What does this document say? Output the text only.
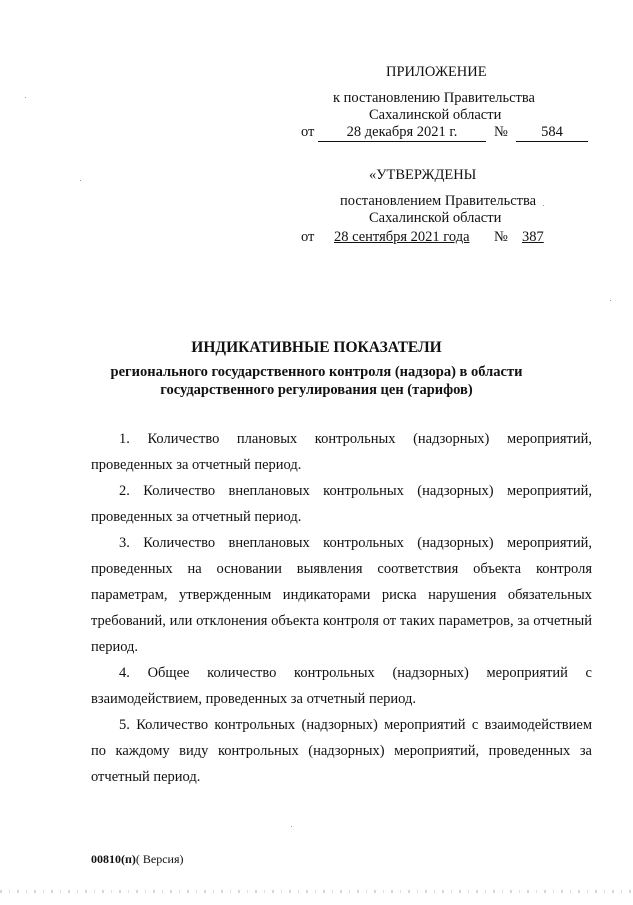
ПРИЛОЖЕНИЕ
к постановлению Правительства
Сахалинской области
от	28 декабря 2021 г.	№	584
«УТВЕРЖДЕНЫ
постановлением Правительства
Сахалинской области
от 28 сентября 2021 года № 387
ИНДИКАТИВНЫЕ ПОКАЗАТЕЛИ
регионального государственного контроля (надзора) в области
государственного регулирования цен (тарифов)

1. Количество плановых контрольных (надзорных) мероприятий, проведенных за отчетный период.

2. Количество внеплановых контрольных (надзорных) мероприятий, проведенных за отчетный период.

3. Количество внеплановых контрольных (надзорных) мероприятий, проведенных на основании выявления соответствия объекта контроля параметрам, утвержденным индикаторами риска нарушения обязательных требований, или отклонения объекта контроля от таких параметров, за отчетный период.

4. Общее количество контрольных (надзорных) мероприятий с взаимодействием, проведенных за отчетный период.

5. Количество контрольных (надзорных) мероприятий с взаимодействием по каждому виду контрольных (надзорных) мероприятий, проведенных за отчетный период.

00810(п)( Версия)
